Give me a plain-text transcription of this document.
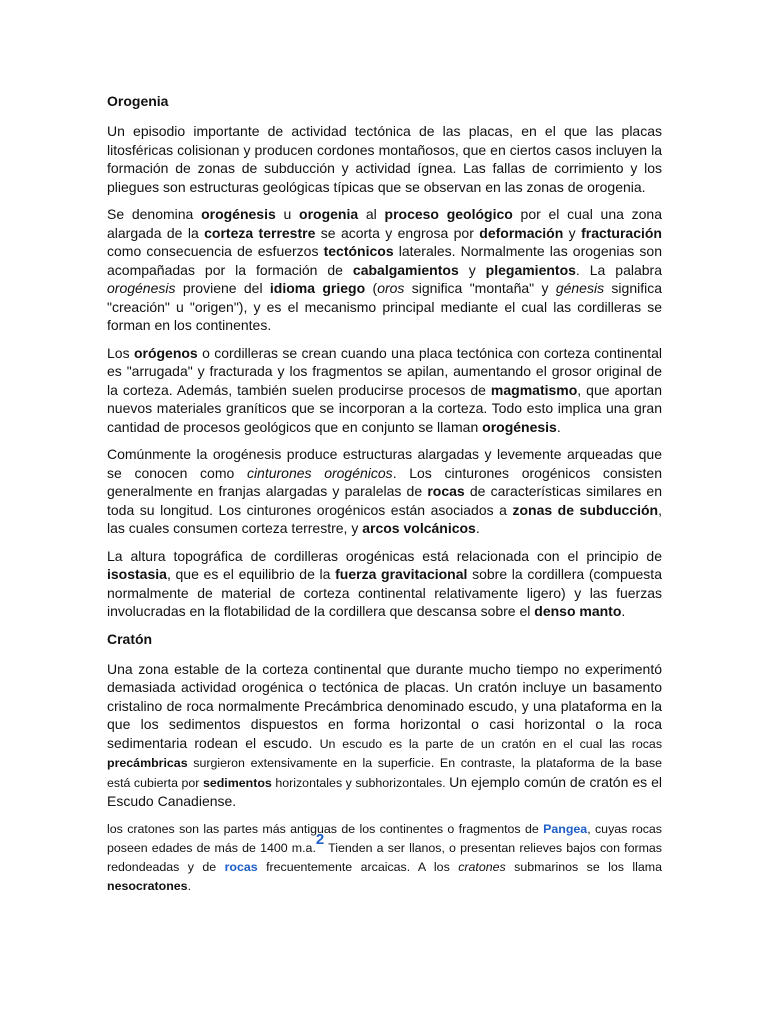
Orogenia

Un episodio importante de actividad tectónica de las placas, en el que las placas litosféricas colisionan y producen cordones montañosos, que en ciertos casos incluyen la formación de zonas de subducción y actividad ígnea. Las fallas de corrimiento y los pliegues son estructuras geológicas típicas que se observan en las zonas de orogenia.

Se denomina orogénesis u orogenia al proceso geológico por el cual una zona alargada de la corteza terrestre se acorta y engrosa por deformación y fracturación como consecuencia de esfuerzos tectónicos laterales. Normalmente las orogenias son acompañadas por la formación de cabalgamientos y plegamientos. La palabra orogénesis proviene del idioma griego (oros significa "montaña" y génesis significa "creación" u "origen"), y es el mecanismo principal mediante el cual las cordilleras se forman en los continentes.

Los orógenos o cordilleras se crean cuando una placa tectónica con corteza continental es "arrugada" y fracturada y los fragmentos se apilan, aumentando el grosor original de la corteza. Además, también suelen producirse procesos de magmatismo, que aportan nuevos materiales graníticos que se incorporan a la corteza. Todo esto implica una gran cantidad de procesos geológicos que en conjunto se llaman orogénesis.

Comúnmente la orogénesis produce estructuras alargadas y levemente arqueadas que se conocen como cinturones orogénicos. Los cinturones orogénicos consisten generalmente en franjas alargadas y paralelas de rocas de características similares en toda su longitud. Los cinturones orogénicos están asociados a zonas de subducción, las cuales consumen corteza terrestre, y arcos volcánicos.

La altura topográfica de cordilleras orogénicas está relacionada con el principio de isostasia, que es el equilibrio de la fuerza gravitacional sobre la cordillera (compuesta normalmente de material de corteza continental relativamente ligero) y las fuerzas involucradas en la flotabilidad de la cordillera que descansa sobre el denso manto.

Cratón

Una zona estable de la corteza continental que durante mucho tiempo no experimentó demasiada actividad orogénica o tectónica de placas. Un cratón incluye un basamento cristalino de roca normalmente Precámbrica denominado escudo, y una plataforma en la que los sedimentos dispuestos en forma horizontal o casi horizontal o la roca sedimentaria rodean el escudo. Un escudo es la parte de un cratón en el cual las rocas precámbricas surgieron extensivamente en la superficie. En contraste, la plataforma de la base está cubierta por sedimentos horizontales y subhorizontales. Un ejemplo común de cratón es el Escudo Canadiense.

los cratones son las partes más antiguas de los continentes o fragmentos de Pangea, cuyas rocas poseen edades de más de 1400 m.a.$^2$ Tienden a ser llanos, o presentan relieves bajos con formas redondeadas y de rocas frecuentemente arcaicas. A los cratones submarinos se los llama nesocratones.
